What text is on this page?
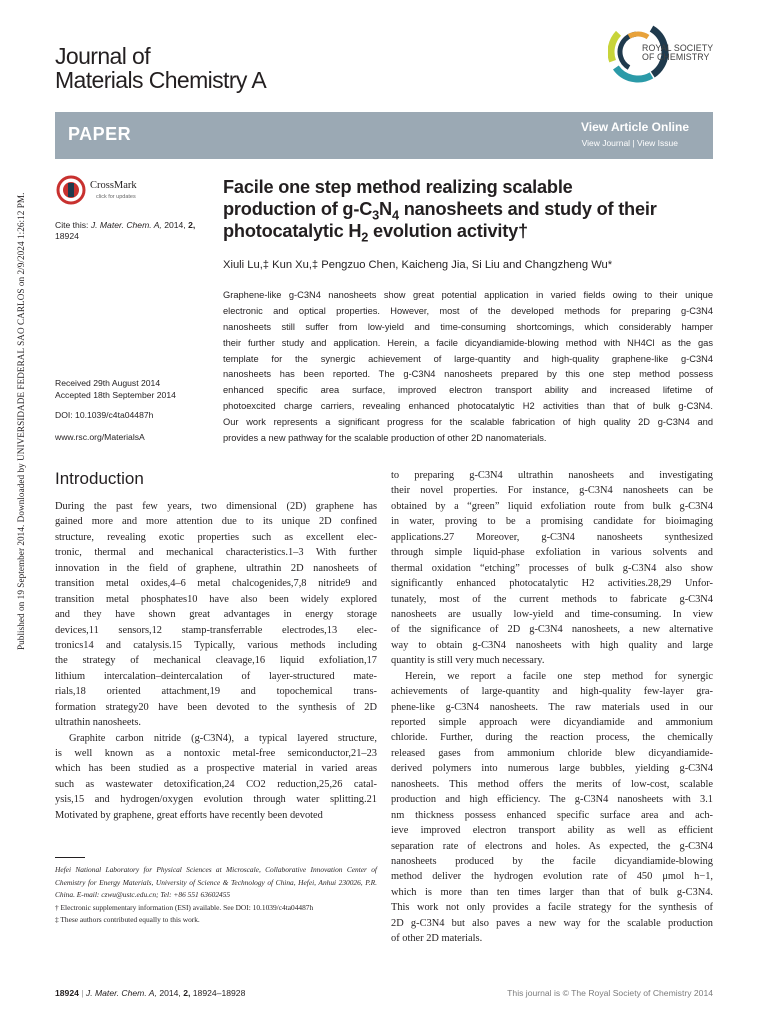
Published on 19 September 2014. Downloaded by UNIVERSIDADE FEDERAL SAO CARLOS on 2/9/2024 1:26:12 PM.
Journal of
Materials Chemistry A
ROYAL SOCIETY
OF CHEMISTRY
PAPER	View Article Online
View Journal | View Issue
CrossMark
click for updates
Cite this: J. Mater. Chem. A, 2014, 2,
18924
Received 29th August 2014
Accepted 18th September 2014
DOI: 10.1039/c4ta04487h
www.rsc.org/MaterialsA
Facile one step method realizing scalable
production of $g-C_3N_4$ nanosheets and study of their
photocatalytic $H_2$ evolution activity†
Xiuli Lu,‡ Kun Xu,‡ Pengzuo Chen, Kaicheng Jia, Si Liu and Changzheng Wu*
Graphene-like g-C3N4 nanosheets show great potential application in varied fields owing to their unique
electronic and optical properties. However, most of the developed methods for preparing g-C3N4
nanosheets still suffer from low-yield and time-consuming shortcomings, which considerably hamper
their further study and application. Herein, a facile dicyandiamide-blowing method with NH4Cl as the gas
template for the synergic achievement of large-quantity and high-quality graphene-like g-C3N4
nanosheets has been reported. The g-C3N4 nanosheets prepared by this one step method possess
enhanced specific area surface, improved electron transport ability and increased lifetime of
photoexcited charge carriers, revealing enhanced photocatalytic H2 activities than that of bulk g-C3N4.
Our work represents a significant progress for the scalable fabrication of high quality 2D g-C3N4 and
provides a new pathway for the scalable production of other 2D nanomaterials.
Introduction
During the past few years, two dimensional (2D) graphene has
gained more and more attention due to its unique 2D confined
structure, revealing exotic properties such as excellent elec-
tronic, thermal and mechanical characteristics.1–3 With further
innovation in the field of graphene, ultrathin 2D nanosheets of
transition metal oxides,4–6 metal chalcogenides,7,8 nitride9 and
transition metal phosphates10 have also been widely explored
and they have shown great advantages in energy storage
devices,11 sensors,12 stamp-transferrable electrodes,13 elec-
tronics14 and catalysis.15 Typically, various methods including
the strategy of mechanical cleavage,16 liquid exfoliation,17
lithium intercalation–deintercalation of layer-structured mate-
rials,18 oriented attachment,19 and topochemical trans-
formation strategy20 have been devoted to the synthesis of 2D
ultrathin nanosheets.
Graphite carbon nitride (g-C3N4), a typical layered structure,
is well known as a nontoxic metal-free semiconductor,21–23
which has been studied as a prospective material in varied areas
such as wastewater detoxification,24 CO2 reduction,25,26 catal-
ysis,15 and hydrogen/oxygen evolution through water splitting.21
Motivated by graphene, great efforts have recently been devoted
to preparing g-C3N4 ultrathin nanosheets and investigating
their novel properties. For instance, g-C3N4 nanosheets can be
obtained by a “green” liquid exfoliation route from bulk g-C3N4
in water, proving to be a promising candidate for bioimaging
applications.27 Moreover, g-C3N4 nanosheets synthesized
through simple liquid-phase exfoliation in various solvents and
thermal oxidation “etching” processes of bulk g-C3N4 also show
significantly enhanced photocatalytic H2 activities.28,29 Unfor-
tunately, most of the current methods to fabricate g-C3N4
nanosheets are usually low-yield and time-consuming. In view
of the significance of 2D g-C3N4 nanosheets, a new alternative
way to obtain g-C3N4 nanosheets with high quality and large
quantity is still very much necessary.
Herein, we report a facile one step method for synergic
achievements of large-quantity and high-quality few-layer gra-
phene-like g-C3N4 nanosheets. The raw materials used in our
reported simple approach were dicyandiamide and ammonium
chloride. Further, during the reaction process, the chemically
released gases from ammonium chloride blew dicyandiamide-
derived polymers into numerous large bubbles, yielding g-C3N4
nanosheets. This method offers the merits of low-cost, scalable
production and high efficiency. The g-C3N4 nanosheets with 3.1
nm thickness possess enhanced specific surface area and ach-
ieve improved electron transport ability as well as efficient
separation rate of electrons and holes. As expected, the g-C3N4
nanosheets produced by the facile dicyandiamide-blowing
method deliver the hydrogen evolution rate of 450 μmol h−1,
which is more than ten times larger than that of bulk g-C3N4.
This work not only provides a facile strategy for the synthesis of
2D g-C3N4 but also paves a new way for the scalable production
of other 2D materials.
Hefei National Laboratory for Physical Sciences at Microscale, Collaborative Innovation Center of Chemistry for Energy Materials, University of Science & Technology of China, Hefei, Anhui 230026, P.R. China. E-mail: czwu@ustc.edu.cn; Tel: +86 551 63602455
† Electronic supplementary information (ESI) available. See DOI: 10.1039/c4ta04487h
‡ These authors contributed equally to this work.
18924 | J. Mater. Chem. A, 2014, 2, 18924–18928	This journal is © The Royal Society of Chemistry 2014
